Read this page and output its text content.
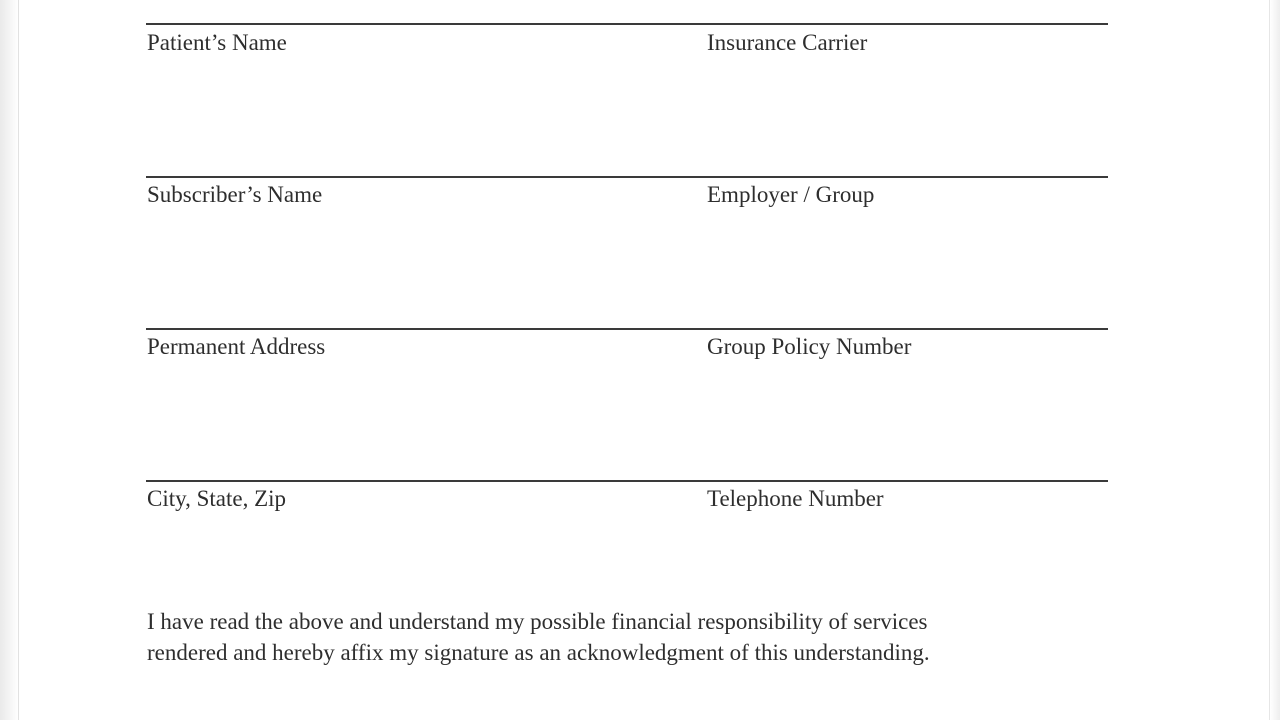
Patient’s Name	Insurance Carrier
Subscriber’s Name	Employer / Group
Permanent Address	Group Policy Number
City, State, Zip	Telephone Number
I have read the above and understand my possible financial responsibility of services
rendered and hereby affix my signature as an acknowledgment of this understanding.
